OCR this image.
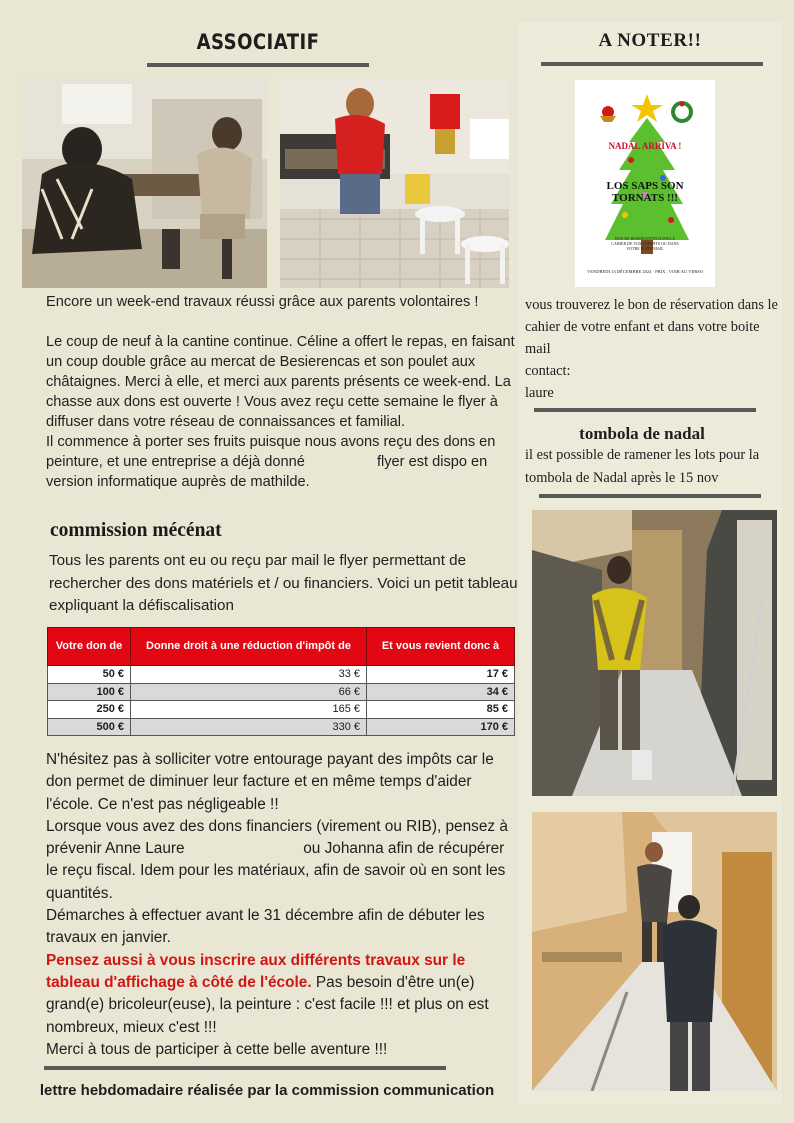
ASSOCIATIF

Encore un week-end travaux réussi grâce aux parents volontaires !

Le coup de neuf à la cantine continue. Céline a offert le repas, en faisant un coup double grâce au mercat de Besierencas et son poulet aux châtaignes. Merci à elle, et merci aux parents présents ce week-end. La chasse aux dons est ouverte ! Vous avez reçu cette semaine le flyer à diffuser dans votre réseau de connaissances et familial.
Il commence à porter ses fruits puisque nous avons reçu des dons en peinture, et une entreprise a déjà donné	flyer est dispo en version informatique auprès de mathilde.

commission mécénat

Tous les parents ont eu ou reçu par mail le flyer permettant de rechercher des dons matériels et / ou financiers. Voici un petit tableau expliquant la défiscalisation

Votre don de	Donne droit à une réduction d'impôt de	Et vous revient donc à
50 €	33 €	17 €
100 €	66 €	34 €
250 €	165 €	85 €
500 €	330 €	170 €
N'hésitez pas à solliciter votre entourage payant des impôts car le don permet de diminuer leur facture et en même temps d'aider l'école. Ce n'est pas négligeable !!
Lorsque vous avez des dons financiers (virement ou RIB), pensez à prévenir Anne Laure	ou Johanna afin de récupérer le reçu fiscal. Idem pour les matériaux, afin de savoir où en sont les quantités.
Démarches à effectuer avant le 31 décembre afin de débuter les travaux en janvier.
Pensez aussi à vous inscrire aux différents travaux sur le tableau d'affichage à côté de l'école. Pas besoin d'être un(e) grand(e) bricoleur(euse), la peinture : c'est facile !!! et plus on est nombreux, mieux c'est !!!
Merci à tous de participer à cette belle aventure !!!
lettre hebdomadaire réalisée par la commission communication
A NOTER!!
NADAL ARRIVA !
LOS SAPS SON TORNATS !!!
BON DE RESERVATION DANS LE CAHIER DE VOS ENFANTS OU DANS VOTRE BOITE MAIL
VENDREDI 13 DÉCEMBRE 2024 · PRIX : VOIR AU VERSO

vous trouverez le bon de réservation dans le cahier de votre enfant et dans votre boite mail

contact:

laure

tombola de nadal

il est possible de ramener les lots pour la tombola de Nadal après le 15 nov
